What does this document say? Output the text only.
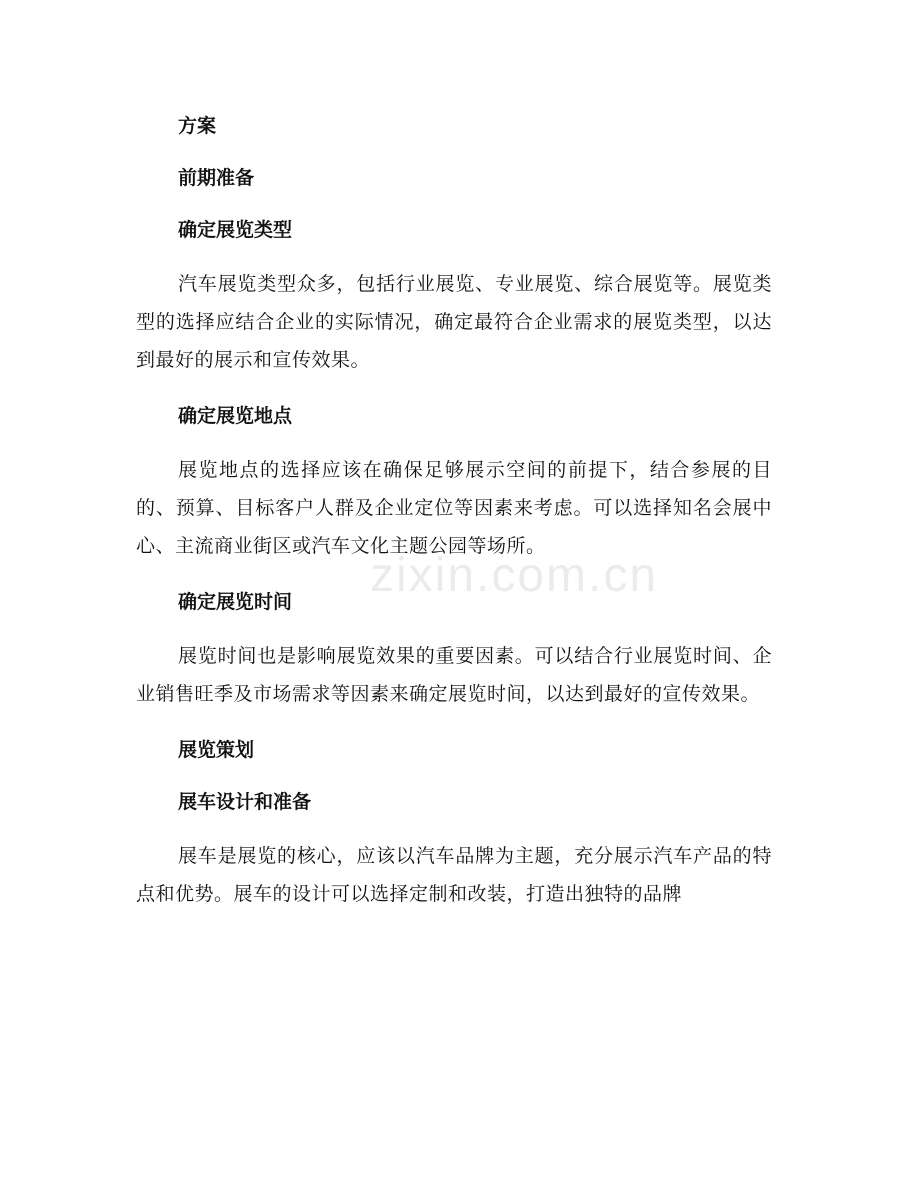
方案
前期准备
确定展览类型

汽车展览类型众多，包括行业展览、专业展览、综合展览等。展览类型的选择应结合企业的实际情况，确定最符合企业需求的展览类型，以达到最好的展示和宣传效果。

确定展览地点

展览地点的选择应该在确保足够展示空间的前提下，结合参展的目的、预算、目标客户人群及企业定位等因素来考虑。可以选择知名会展中心、主流商业街区或汽车文化主题公园等场所。

确定展览时间

展览时间也是影响展览效果的重要因素。可以结合行业展览时间、企业销售旺季及市场需求等因素来确定展览时间，以达到最好的宣传效果。

展览策划
展车设计和准备

展车是展览的核心，应该以汽车品牌为主题，充分展示汽车产品的特点和优势。展车的设计可以选择定制和改装，打造出独特的品牌

zixin.com.cn
